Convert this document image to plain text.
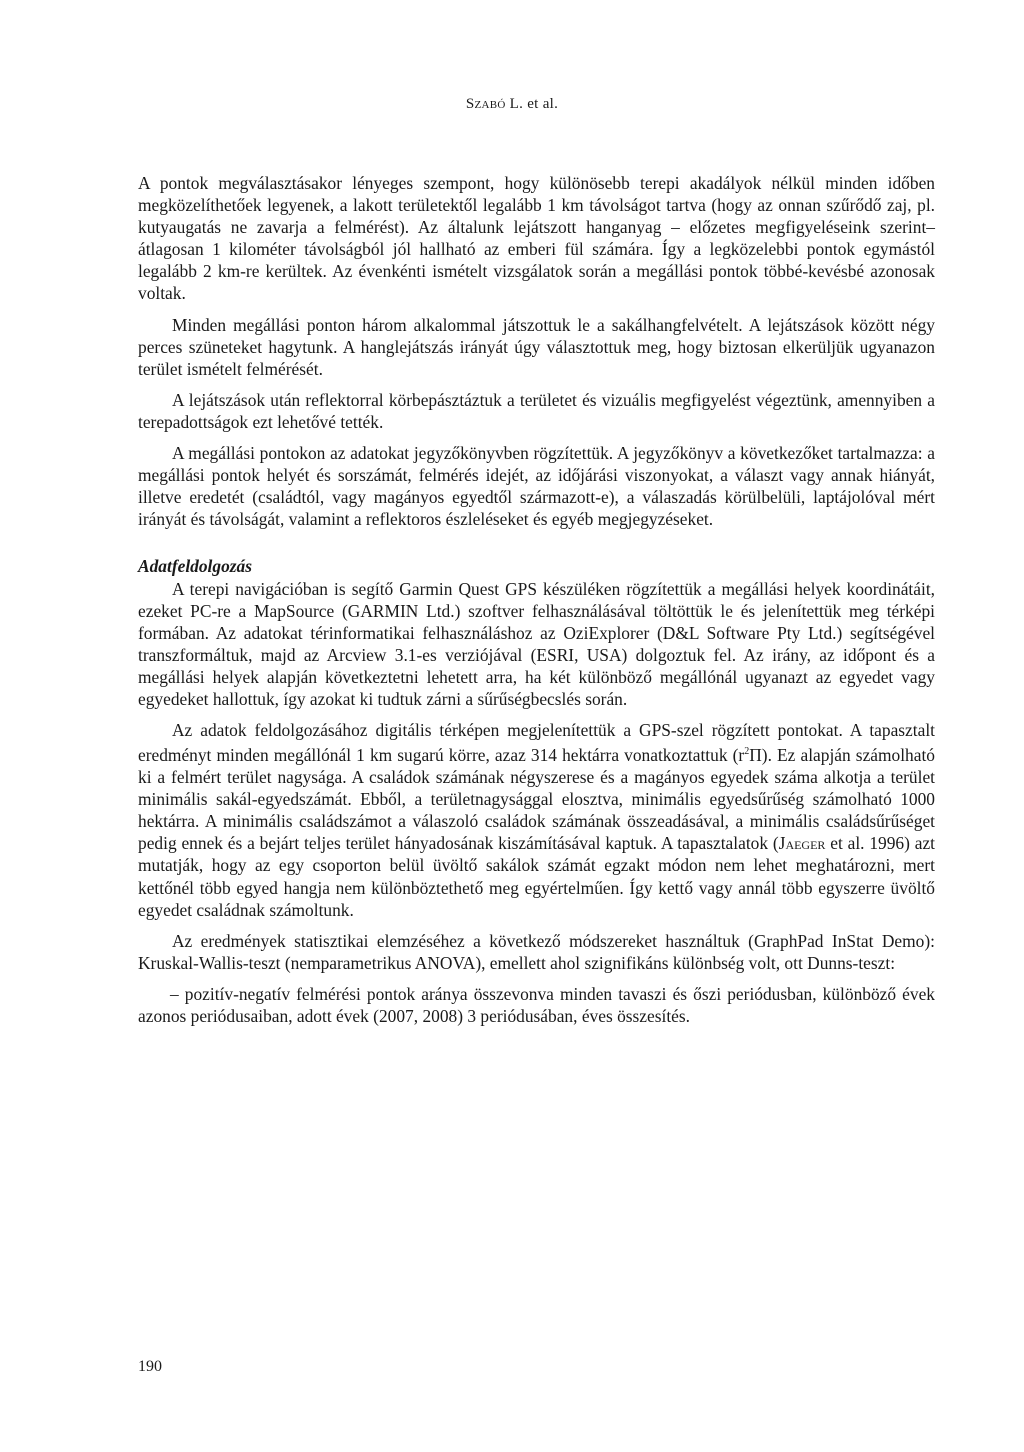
Szabó L. et al.

A pontok megválasztásakor lényeges szempont, hogy különösebb terepi akadályok nélkül minden időben megközelíthetőek legyenek, a lakott területektől legalább 1 km távolságot tartva (hogy az onnan szűrődő zaj, pl. kutyaugatás ne zavarja a felmérést). Az általunk lejátszott hanganyag – előzetes megfigyeléseink szerint– átlagosan 1 kilométer távolságból jól hallható az emberi fül számára. Így a legközelebbi pontok egymástól legalább 2 km-re kerültek. Az évenkénti ismételt vizsgálatok során a megállási pontok többé-kevésbé azonosak voltak.

Minden megállási ponton három alkalommal játszottuk le a sakálhangfelvételt. A lejátszások között négy perces szüneteket hagytunk. A hanglejátszás irányát úgy választottuk meg, hogy biztosan elkerüljük ugyanazon terület ismételt felmérését.

A lejátszások után reflektorral körbepásztáztuk a területet és vizuális megfigyelést végeztünk, amennyiben a terepadottságok ezt lehetővé tették.

A megállási pontokon az adatokat jegyzőkönyvben rögzítettük. A jegyzőkönyv a következőket tartalmazza: a megállási pontok helyét és sorszámát, felmérés idejét, az időjárási viszonyokat, a választ vagy annak hiányát, illetve eredetét (családtól, vagy magányos egyedtől származott-e), a válaszadás körülbelüli, laptájolóval mért irányát és távolságát, valamint a reflektoros észleléseket és egyéb megjegyzéseket.

Adatfeldolgozás

A terepi navigációban is segítő Garmin Quest GPS készüléken rögzítettük a megállási helyek koordinátáit, ezeket PC-re a MapSource (GARMIN Ltd.) szoftver felhasználásával töltöttük le és jelenítettük meg térképi formában. Az adatokat térinformatikai felhasználáshoz az OziExplorer (D&L Software Pty Ltd.) segítségével transzformáltuk, majd az Arcview 3.1-es verziójával (ESRI, USA) dolgoztuk fel. Az irány, az időpont és a megállási helyek alapján következtetni lehetett arra, ha két különböző megállónál ugyanazt az egyedet vagy egyedeket hallottuk, így azokat ki tudtuk zárni a sűrűségbecslés során.

Az adatok feldolgozásához digitális térképen megjelenítettük a GPS-szel rögzített pontokat. A tapasztalt eredményt minden megállónál 1 km sugarú körre, azaz 314 hektárra vonatkoztattuk $(r^2\Pi)$. Ez alapján számolható ki a felmért terület nagysága. A családok számának négyszerese és a magányos egyedek száma alkotja a terület minimális sakál-egyedszámát. Ebből, a területnagysággal elosztva, minimális egyedsűrűség számolható 1000 hektárra. A minimális családszámot a válaszoló családok számának összeadásával, a minimális családsűrűséget pedig ennek és a bejárt teljes terület hányadosának kiszámításával kaptuk. A tapasztalatok (Jaeger et al. 1996) azt mutatják, hogy az egy csoporton belül üvöltő sakálok számát egzakt módon nem lehet meghatározni, mert kettőnél több egyed hangja nem különböztethető meg egyértelműen. Így kettő vagy annál több egyszerre üvöltő egyedet családnak számoltunk.

Az eredmények statisztikai elemzéséhez a következő módszereket használtuk (GraphPad InStat Demo): Kruskal-Wallis-teszt (nemparametrikus ANOVA), emellett ahol szignifikáns különbség volt, ott Dunns-teszt:

– pozitív-negatív felmérési pontok aránya összevonva minden tavaszi és őszi periódusban, különböző évek azonos periódusaiban, adott évek (2007, 2008) 3 periódusában, éves összesítés.

190
